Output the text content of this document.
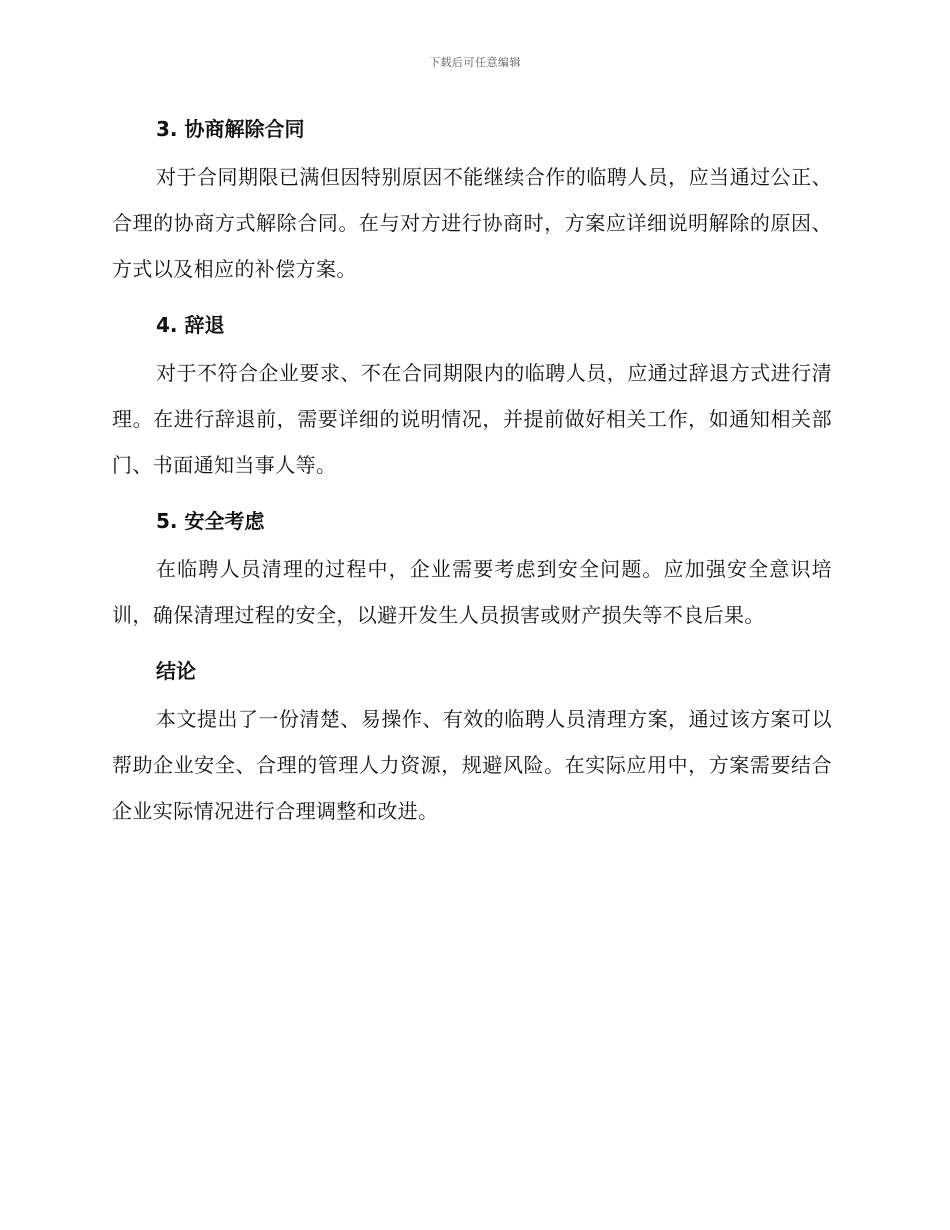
下载后可任意编辑
3. 协商解除合同

对于合同期限已满但因特别原因不能继续合作的临聘人员，应当通过公正、合理的协商方式解除合同。在与对方进行协商时，方案应详细说明解除的原因、方式以及相应的补偿方案。

4. 辞退

对于不符合企业要求、不在合同期限内的临聘人员，应通过辞退方式进行清理。在进行辞退前，需要详细的说明情况，并提前做好相关工作，如通知相关部门、书面通知当事人等。

5. 安全考虑

在临聘人员清理的过程中，企业需要考虑到安全问题。应加强安全意识培训，确保清理过程的安全，以避开发生人员损害或财产损失等不良后果。

结论

本文提出了一份清楚、易操作、有效的临聘人员清理方案，通过该方案可以帮助企业安全、合理的管理人力资源，规避风险。在实际应用中，方案需要结合企业实际情况进行合理调整和改进。
